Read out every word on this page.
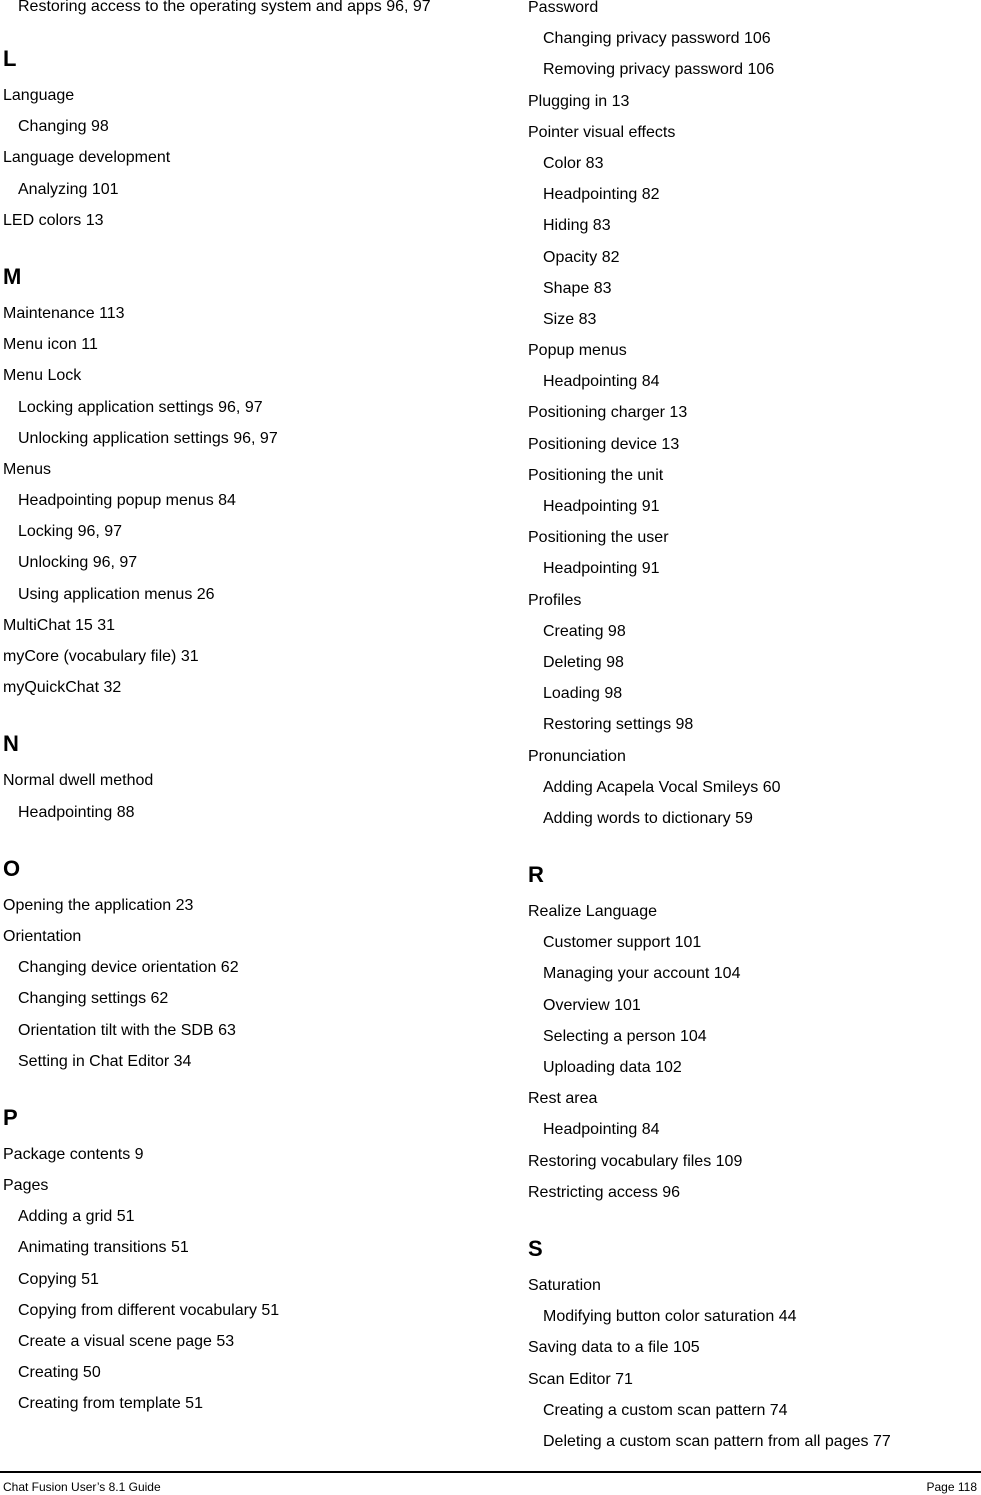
Restoring access to the operating system and apps 96, 97
L
Language
Changing 98
Language development
Analyzing 101
LED colors 13
M
Maintenance 113
Menu icon 11
Menu Lock
Locking application settings 96, 97
Unlocking application settings 96, 97
Menus
Headpointing popup menus 84
Locking 96, 97
Unlocking 96, 97
Using application menus 26
MultiChat 15 31
myCore (vocabulary file) 31
myQuickChat 32
N
Normal dwell method
Headpointing 88
O
Opening the application 23
Orientation
Changing device orientation 62
Changing settings 62
Orientation tilt with the SDB 63
Setting in Chat Editor 34
P
Package contents 9
Pages
Adding a grid 51
Animating transitions 51
Copying 51
Copying from different vocabulary 51
Create a visual scene page 53
Creating 50
Creating from template 51
Password
Changing privacy password 106
Removing privacy password 106
Plugging in 13
Pointer visual effects
Color 83
Headpointing 82
Hiding 83
Opacity 82
Shape 83
Size 83
Popup menus
Headpointing 84
Positioning charger 13
Positioning device 13
Positioning the unit
Headpointing 91
Positioning the user
Headpointing 91
Profiles
Creating 98
Deleting 98
Loading 98
Restoring settings 98
Pronunciation
Adding Acapela Vocal Smileys 60
Adding words to dictionary 59
R
Realize Language
Customer support 101
Managing your account 104
Overview 101
Selecting a person 104
Uploading data 102
Rest area
Headpointing 84
Restoring vocabulary files 109
Restricting access 96
S
Saturation
Modifying button color saturation 44
Saving data to a file 105
Scan Editor 71
Creating a custom scan pattern 74
Deleting a custom scan pattern from all pages 77
Chat Fusion User’s 8.1 Guide	Page 118
